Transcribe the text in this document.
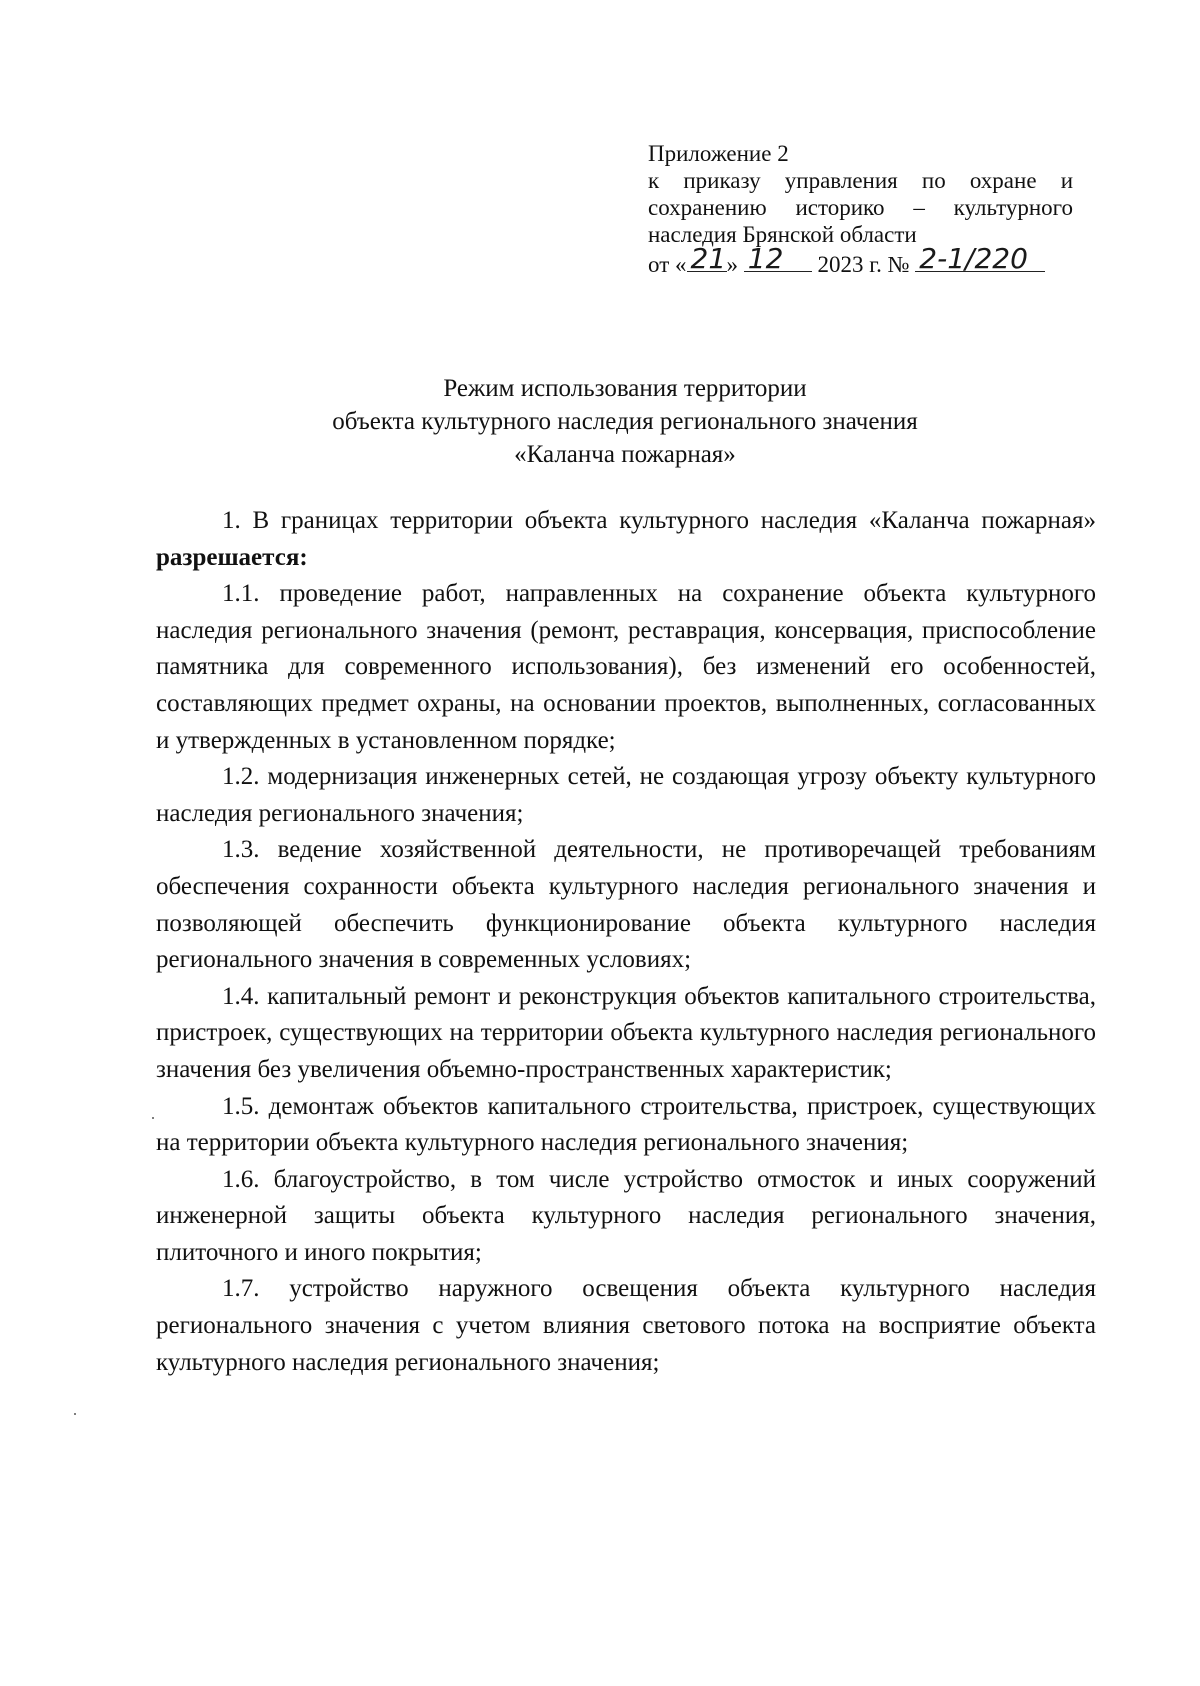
Приложение 2
к приказу управления по охране и
сохранению историко – культурного
наследия Брянской области
от « 21 » 12 2023 г. № 2-1/220
Режим использования территории
объекта культурного наследия регионального значения
«Каланча пожарная»

1. В границах территории объекта культурного наследия «Каланча пожарная» разрешается:

1.1. проведение работ, направленных на сохранение объекта культурного наследия регионального значения (ремонт, реставрация, консервация, приспособление памятника для современного использования), без изменений его особенностей, составляющих предмет охраны, на основании проектов, выполненных, согласованных и утвержденных в установленном порядке;

1.2. модернизация инженерных сетей, не создающая угрозу объекту культурного наследия регионального значения;

1.3. ведение хозяйственной деятельности, не противоречащей требованиям обеспечения сохранности объекта культурного наследия регионального значения и позволяющей обеспечить функционирование объекта культурного наследия регионального значения в современных условиях;

1.4. капитальный ремонт и реконструкция объектов капитального строительства, пристроек, существующих на территории объекта культурного наследия регионального значения без увеличения объемно-пространственных характеристик;

1.5. демонтаж объектов капитального строительства, пристроек, существующих на территории объекта культурного наследия регионального значения;

1.6. благоустройство, в том числе устройство отмосток и иных сооружений инженерной защиты объекта культурного наследия регионального значения, плиточного и иного покрытия;

1.7. устройство наружного освещения объекта культурного наследия регионального значения с учетом влияния светового потока на восприятие объекта культурного наследия регионального значения;
